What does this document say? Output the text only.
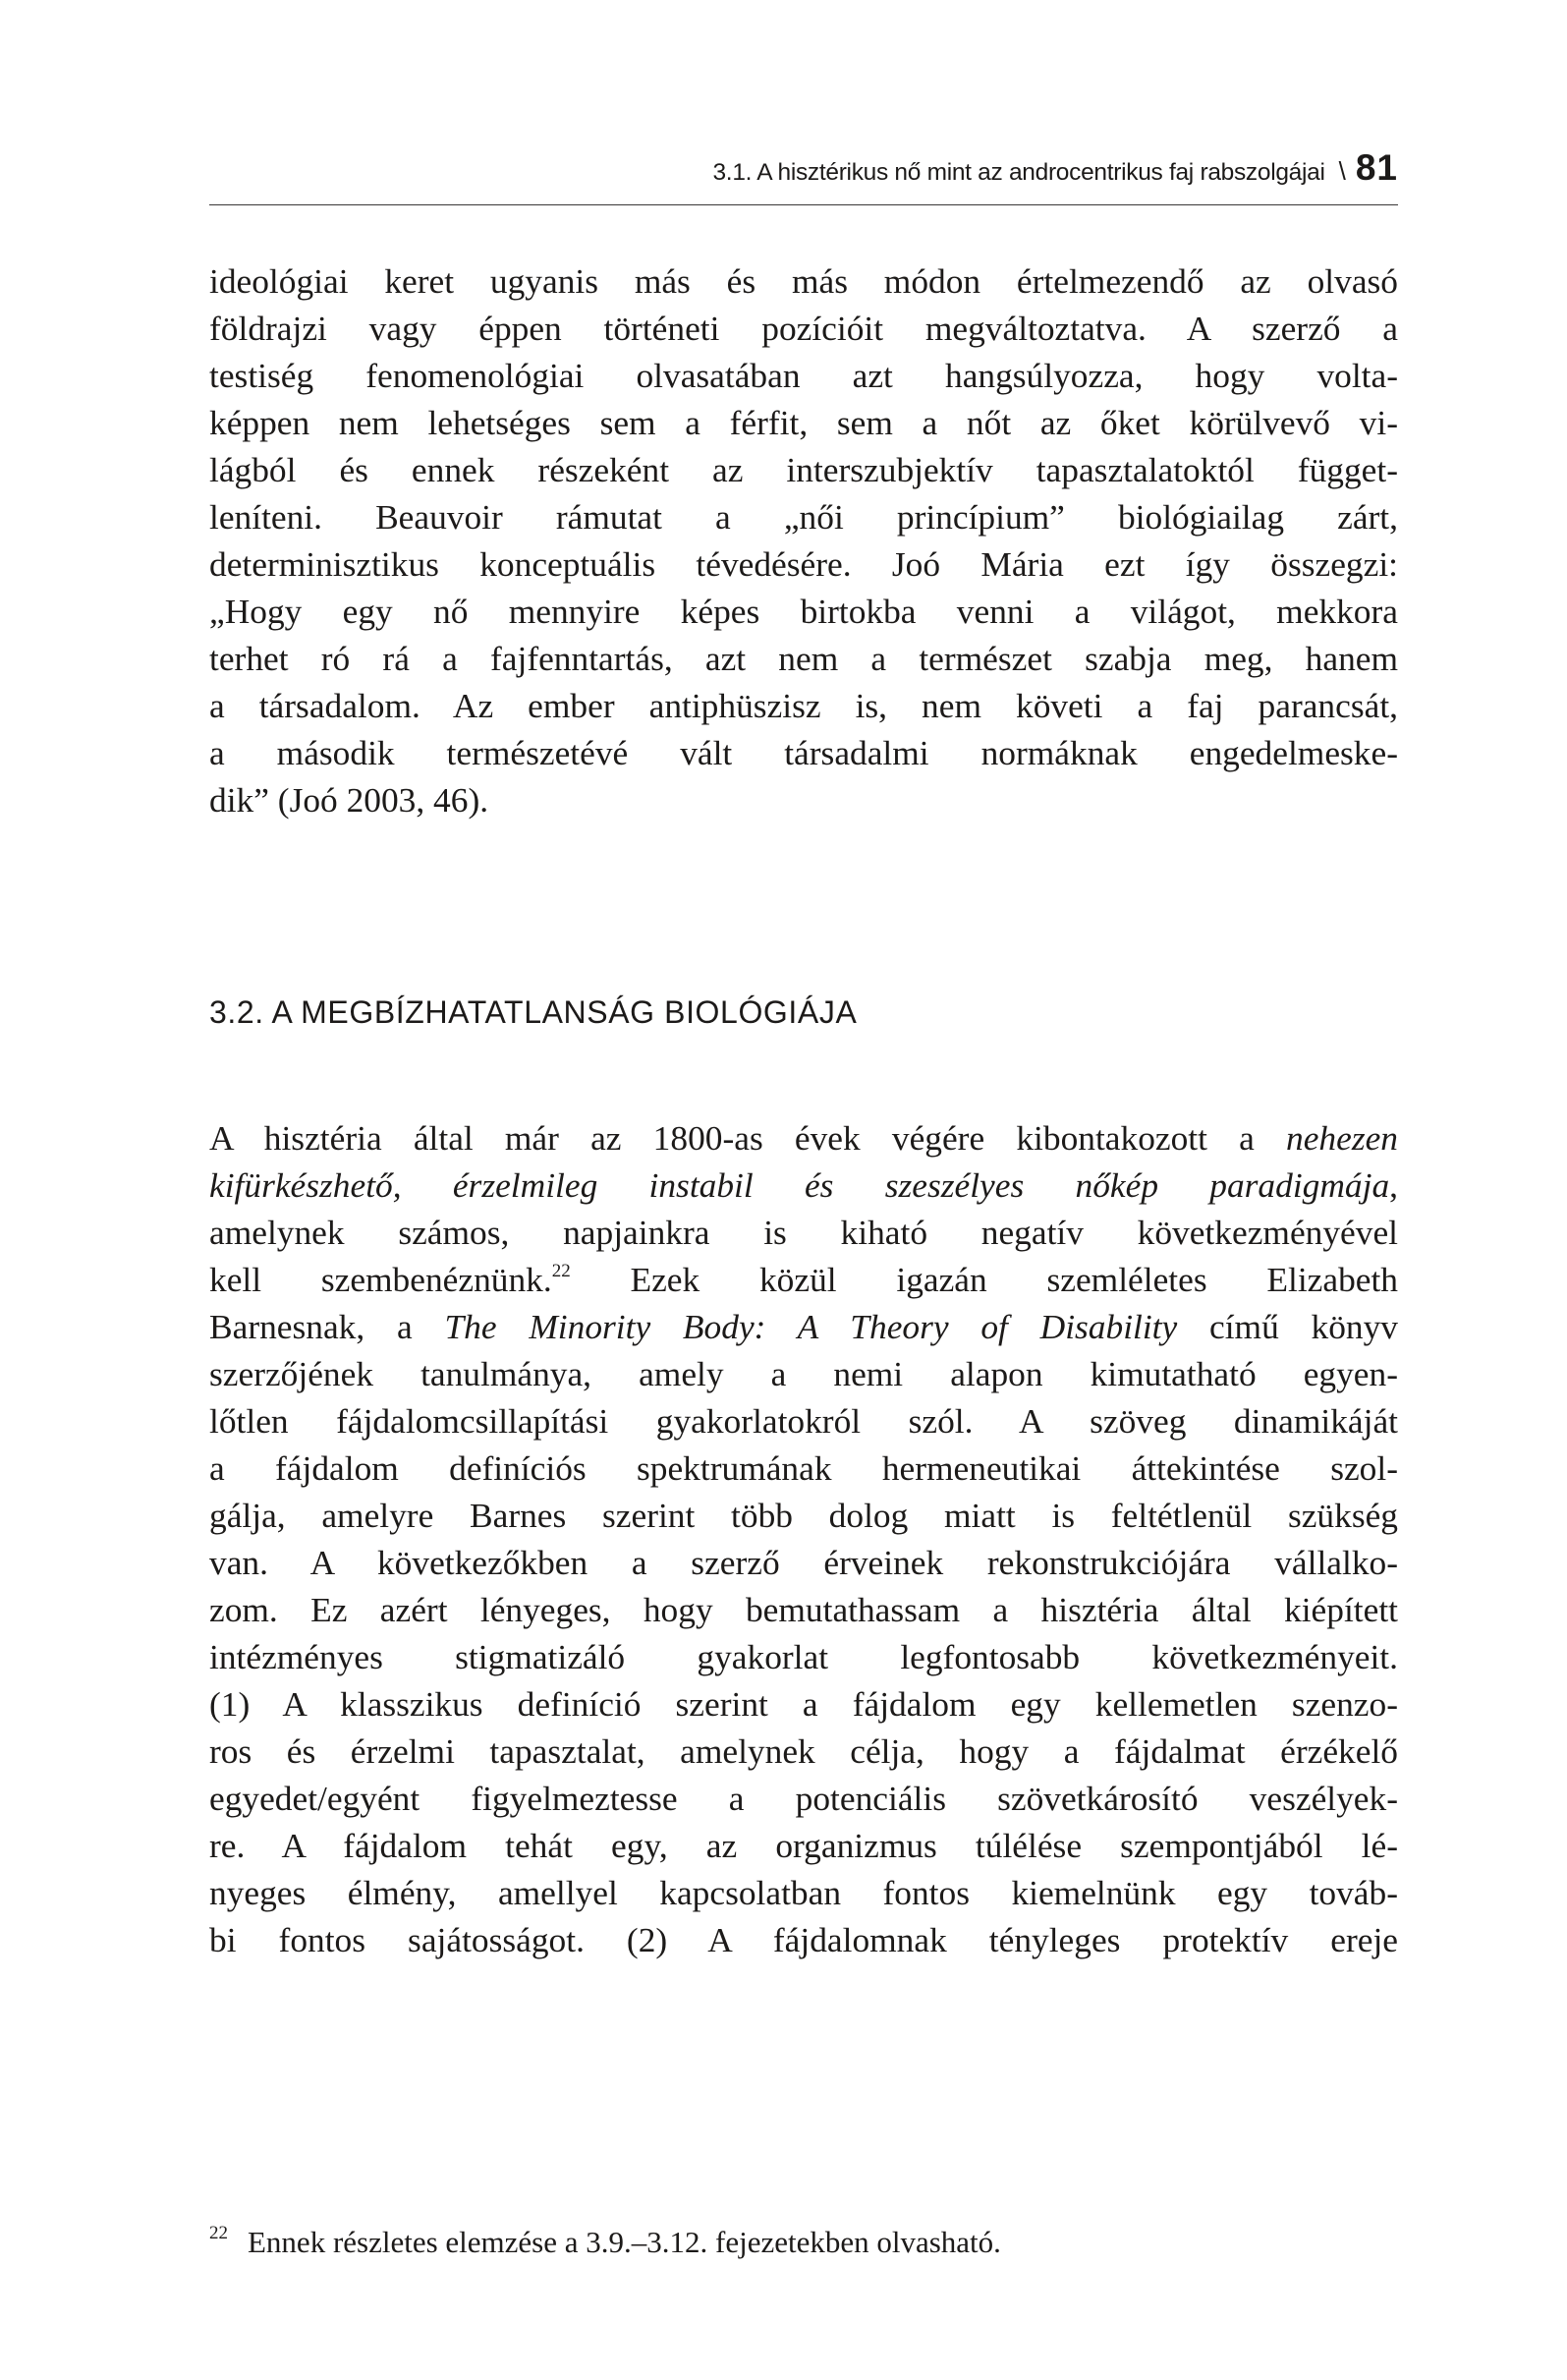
3.1. A hisztérikus nő mint az androcentrikus faj rabszolgájai \ 81
ideológiai keret ugyanis más és más módon értelmezendő az olvasó
földrajzi vagy éppen történeti pozícióit megváltoztatva. A szerző a
testiség fenomenológiai olvasatában azt hangsúlyozza, hogy volta-
képpen nem lehetséges sem a férfit, sem a nőt az őket körülvevő vi-
lágból és ennek részeként az interszubjektív tapasztalatoktól függet-
leníteni. Beauvoir rámutat a „női princípium” biológiailag zárt,
determinisztikus konceptuális tévedésére. Joó Mária ezt így összegzi:
„Hogy egy nő mennyire képes birtokba venni a világot, mekkora
terhet ró rá a fajfenntartás, azt nem a természet szabja meg, hanem
a társadalom. Az ember antiphüszisz is, nem követi a faj parancsát,
a második természetévé vált társadalmi normáknak engedelmeske-
dik” (Joó 2003, 46).
3.2. A MEGBÍZHATATLANSÁG BIOLÓGIÁJA
A hisztéria által már az 1800-as évek végére kibontakozott a nehezen
kifürkészhető, érzelmileg instabil és szeszélyes nőkép paradigmája,
amelynek számos, napjainkra is kiható negatív következményével
kell szembenéznünk.$^{22}$ Ezek közül igazán szemléletes Elizabeth
Barnesnak, a The Minority Body: A Theory of Disability című könyv
szerzőjének tanulmánya, amely a nemi alapon kimutatható egyen-
lőtlen fájdalomcsillapítási gyakorlatokról szól. A szöveg dinamikáját
a fájdalom definíciós spektrumának hermeneutikai áttekintése szol-
gálja, amelyre Barnes szerint több dolog miatt is feltétlenül szükség
van. A következőkben a szerző érveinek rekonstrukciójára vállalko-
zom. Ez azért lényeges, hogy bemutathassam a hisztéria által kiépített
intézményes stigmatizáló gyakorlat legfontosabb következményeit.
(1) A klasszikus definíció szerint a fájdalom egy kellemetlen szenzo-
ros és érzelmi tapasztalat, amelynek célja, hogy a fájdalmat érzékelő
egyedet/egyént figyelmeztesse a potenciális szövetkárosító veszélyek-
re. A fájdalom tehát egy, az organizmus túlélése szempontjából lé-
nyeges élmény, amellyel kapcsolatban fontos kiemelnünk egy továb-
bi fontos sajátosságot. (2) A fájdalomnak tényleges protektív ereje
$^{22}$ Ennek részletes elemzése a 3.9.–3.12. fejezetekben olvasható.
